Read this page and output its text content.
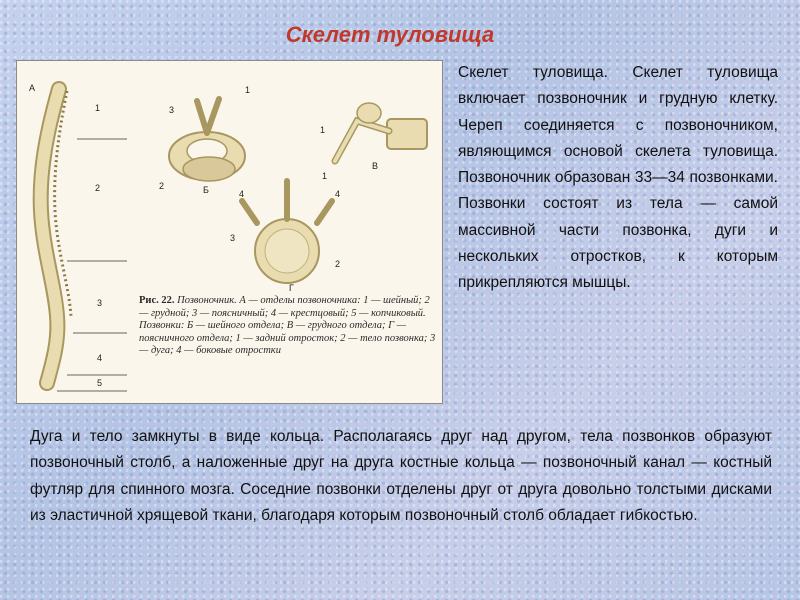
Скелет туловища
А
1
2
3
4
5
3
1
2	Б
1
В
4	4
3
2
1
Г

Рис. 22. Позвоночник. А — отделы позвоночника: 1 — шейный; 2 — грудной; 3 — поясничный; 4 — крестцовый; 5 — копчиковый.

Позвонки: Б — шейного отдела; В — грудного отдела; Г — поясничного отдела; 1 — задний отросток; 2 — тело позвонка; 3 — дуга; 4 — боковые отростки

Скелет туловища. Скелет туловища включает позвоночник и грудную клетку. Череп соединяется с позвоночником, являющимся основой скелета туловища. Позвоночник образован 33—34 позвонками. Позвонки состоят из тела — самой массивной части позвонка, дуги и нескольких отростков, к которым прикрепляются мышцы.
Дуга и тело замкнуты в виде кольца. Располагаясь друг над другом, тела позвонков образуют позвоночный столб, а наложенные друг на друга костные кольца — позвоночный канал — костный футляр для спинного мозга. Соседние позвонки отделены друг от друга довольно толстыми дисками из эластичной хрящевой ткани, благодаря которым позвоночный столб обладает гибкостью.
